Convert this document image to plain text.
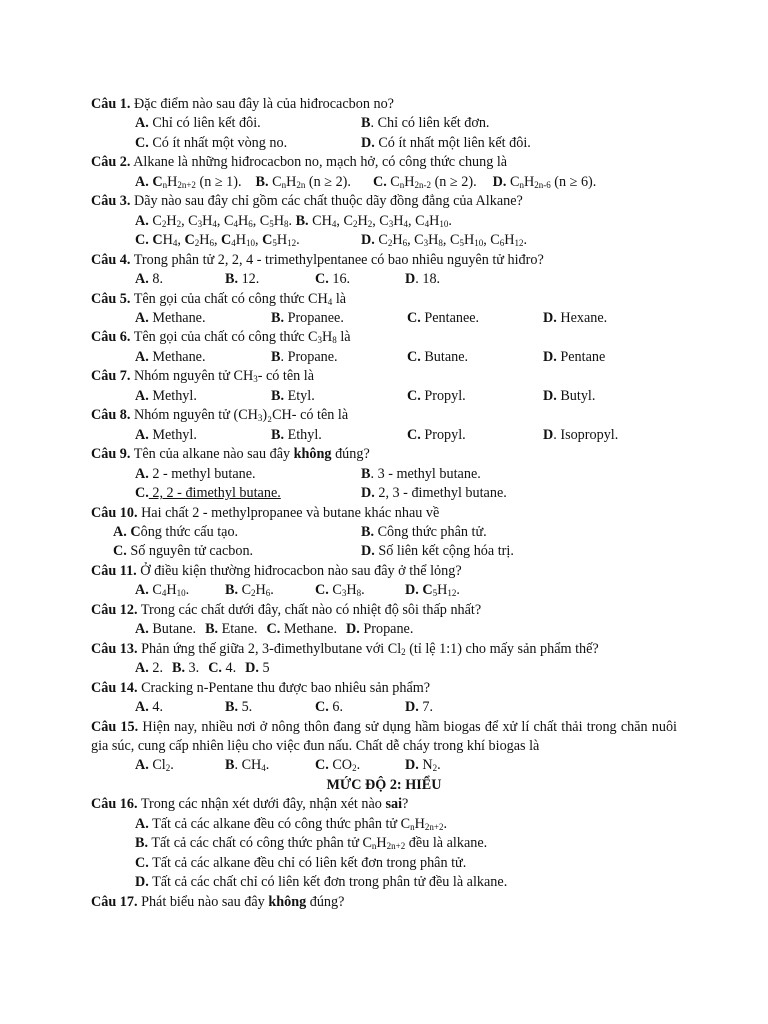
Câu 1. Đặc điểm nào sau đây là của hiđrocacbon no?
A. Chỉ có liên kết đôi.	B. Chỉ có liên kết đơn.
C. Có ít nhất một vòng no.	D. Có ít nhất một liên kết đôi.
Câu 2. Alkane là những hiđrocacbon no, mạch hở, có công thức chung là
A. $C_nH_{2n+2}$ (n ≥ 1). B. $C_nH_{2n}$ (n ≥ 2). C. $C_nH_{2n-2}$ (n ≥ 2). D. $C_nH_{2n-6}$ (n ≥ 6).
Câu 3. Dãy nào sau đây chỉ gồm các chất thuộc dãy đồng đẳng của Alkane?
A. $C_2H_2$, $C_3H_4$, $C_4H_6$, $C_5H_8$. B. $CH_4$, $C_2H_2$, $C_3H_4$, $C_4H_{10}$.
C. $CH_4$, $C_2H_6$, $C_4H_{10}$, $C_5H_{12}$.	D. $C_2H_6$, $C_3H_8$, $C_5H_{10}$, $C_6H_{12}$.
Câu 4. Trong phân tử 2, 2, 4 - trimethylpentanee có bao nhiêu nguyên tử hiđro?
A. 8.	B. 12.	C. 16.	D. 18.
Câu 5. Tên gọi của chất có công thức $CH_4$ là
A. Methane.	B. Propanee.	C. Pentanee.	D. Hexane.
Câu 6. Tên gọi của chất có công thức $C_3H_8$ là
A. Methane.	B. Propane.	C. Butane.	D. Pentane
Câu 7. Nhóm nguyên tử $CH_3-$ có tên là
A. Methyl.	B. Etyl.	C. Propyl.	D. Butyl.
Câu 8. Nhóm nguyên tử $(CH_3)_2CH-$ có tên là
A. Methyl.	B. Ethyl.	C. Propyl.	D. Isopropyl.
Câu 9. Tên của alkane nào sau đây không đúng?
A. 2 - methyl butane.	B. 3 - methyl butane.
C. 2, 2 - đimethyl butane.	D. 2, 3 - đimethyl butane.
Câu 10. Hai chất 2 - methylpropanee và butane khác nhau về
A. Công thức cấu tạo.	B. Công thức phân tử.
C. Số nguyên tử cacbon.	D. Số liên kết cộng hóa trị.
Câu 11. Ở điều kiện thường hiđrocacbon nào sau đây ở thể lỏng?
A. $C_4H_{10}$.	B. $C_2H_6$.	C. $C_3H_8$.	D. $C_5H_{12}$.
Câu 12. Trong các chất dưới đây, chất nào có nhiệt độ sôi thấp nhất?
A. Butane. B. Etane. C. Methane. D. Propane.
Câu 13. Phản ứng thế giữa 2, 3-đimethylbutane với $Cl_2$ (tỉ lệ 1:1) cho mấy sản phẩm thế?
A. 2. B. 3. C. 4. D. 5
Câu 14. Cracking n-Pentane thu được bao nhiêu sản phẩm?
A. 4.	B. 5.	C. 6.	D. 7.
Câu 15. Hiện nay, nhiều nơi ở nông thôn đang sử dụng hầm biogas để xử lí chất thải trong chăn nuôi gia súc, cung cấp nhiên liệu cho việc đun nấu. Chất dễ cháy trong khí biogas là
A. $Cl_2$.	B. $CH_4$.	C. $CO_2$.	D. $N_2$.
MỨC ĐỘ 2: HIỂU
Câu 16. Trong các nhận xét dưới đây, nhận xét nào sai?
A. Tất cả các alkane đều có công thức phân tử $C_nH_{2n+2}$.
B. Tất cả các chất có công thức phân tử $C_nH_{2n+2}$ đều là alkane.
C. Tất cả các alkane đều chỉ có liên kết đơn trong phân tử.
D. Tất cả các chất chỉ có liên kết đơn trong phân tử đều là alkane.
Câu 17. Phát biểu nào sau đây không đúng?
